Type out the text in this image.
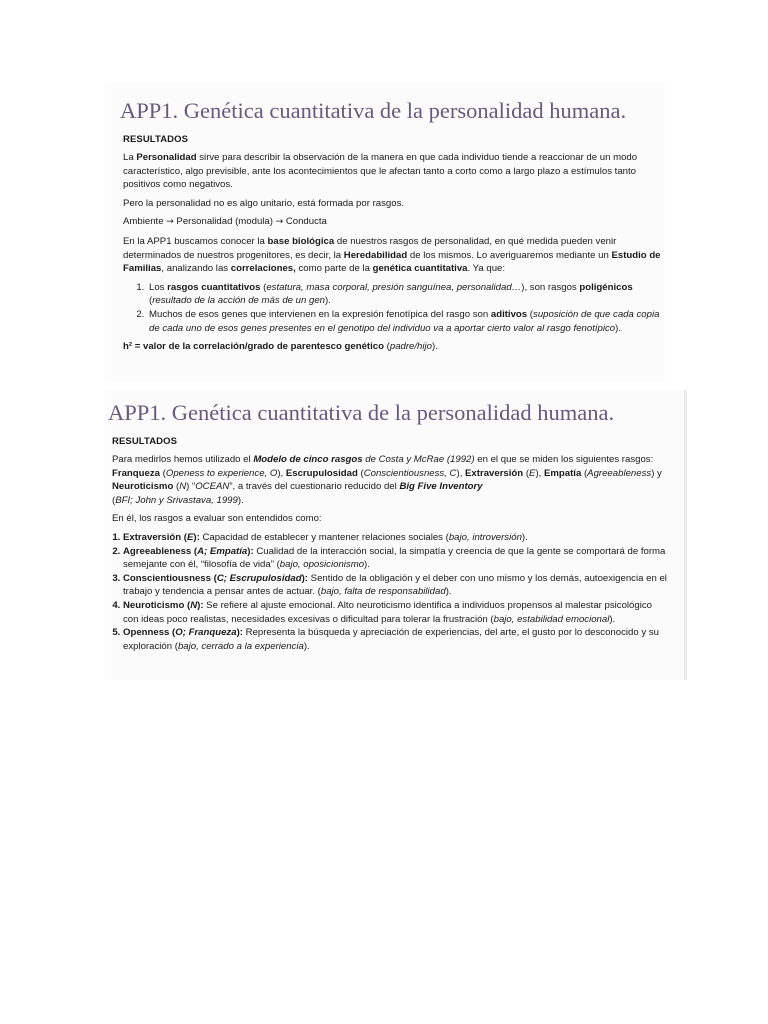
APP1. Genética cuantitativa de la personalidad humana.
RESULTADOS

La Personalidad sirve para describir la observación de la manera en que cada individuo tiende a reaccionar de un modo característico, algo previsible, ante los acontecimientos que le afectan tanto a corto como a largo plazo a estímulos tanto positivos como negativos.

Pero la personalidad no es algo unitario, está formada por rasgos.

Ambiente → Personalidad (modula) → Conducta

En la APP1 buscamos conocer la base biológica de nuestros rasgos de personalidad, en qué medida pueden venir determinados de nuestros progenitores, es decir, la Heredabilidad de los mismos. Lo averiguaremos mediante un Estudio de Familias, analizando las correlaciones, como parte de la genética cuantitativa. Ya que:

1. Los rasgos cuantitativos (estatura, masa corporal, presión sanguínea, personalidad…), son rasgos poligénicos
(resultado de la acción de más de un gen).
2. Muchos de esos genes que intervienen en la expresión fenotípica del rasgo son aditivos (suposición de que cada copia de cada uno de esos genes presentes en el genotipo del individuo va a aportar cierto valor al rasgo fenotípico).

h² = valor de la correlación/grado de parentesco genético (padre/hijo).

APP1. Genética cuantitativa de la personalidad humana.
RESULTADOS

Para medirlos hemos utilizado el Modelo de cinco rasgos de Costa y McRae (1992) en el que se miden los siguientes rasgos: Franqueza (Openess to experience, O), Escrupulosidad (Conscientiousness, C), Extraversión (E), Empatía (Agreeableness) y Neuroticismo (N) “OCEAN”, a través del cuestionario reducido del Big Five Inventory
(BFI; John y Srivastava, 1999).

En él, los rasgos a evaluar son entendidos como:

1. Extraversión (E): Capacidad de establecer y mantener relaciones sociales (bajo, introversión).
2. Agreeableness (A; Empatía): Cualidad de la interacción social, la simpatía y creencia de que la gente se comportará de forma semejante con él, “filosofía de vida” (bajo, oposicionismo).
3. Conscientiousness (C; Escrupulosidad): Sentido de la obligación y el deber con uno mismo y los demás, autoexigencia en el trabajo y tendencia a pensar antes de actuar. (bajo, falta de responsabilidad).
4. Neuroticismo (N): Se refiere al ajuste emocional. Alto neuroticismo identifica a individuos propensos al malestar psicológico con ideas poco realistas, necesidades excesivas o dificultad para tolerar la frustración (bajo, estabilidad emocional).
5. Openness (O; Franqueza): Representa la búsqueda y apreciación de experiencias, del arte, el gusto por lo desconocido y su exploración (bajo, cerrado a la experiencia).
